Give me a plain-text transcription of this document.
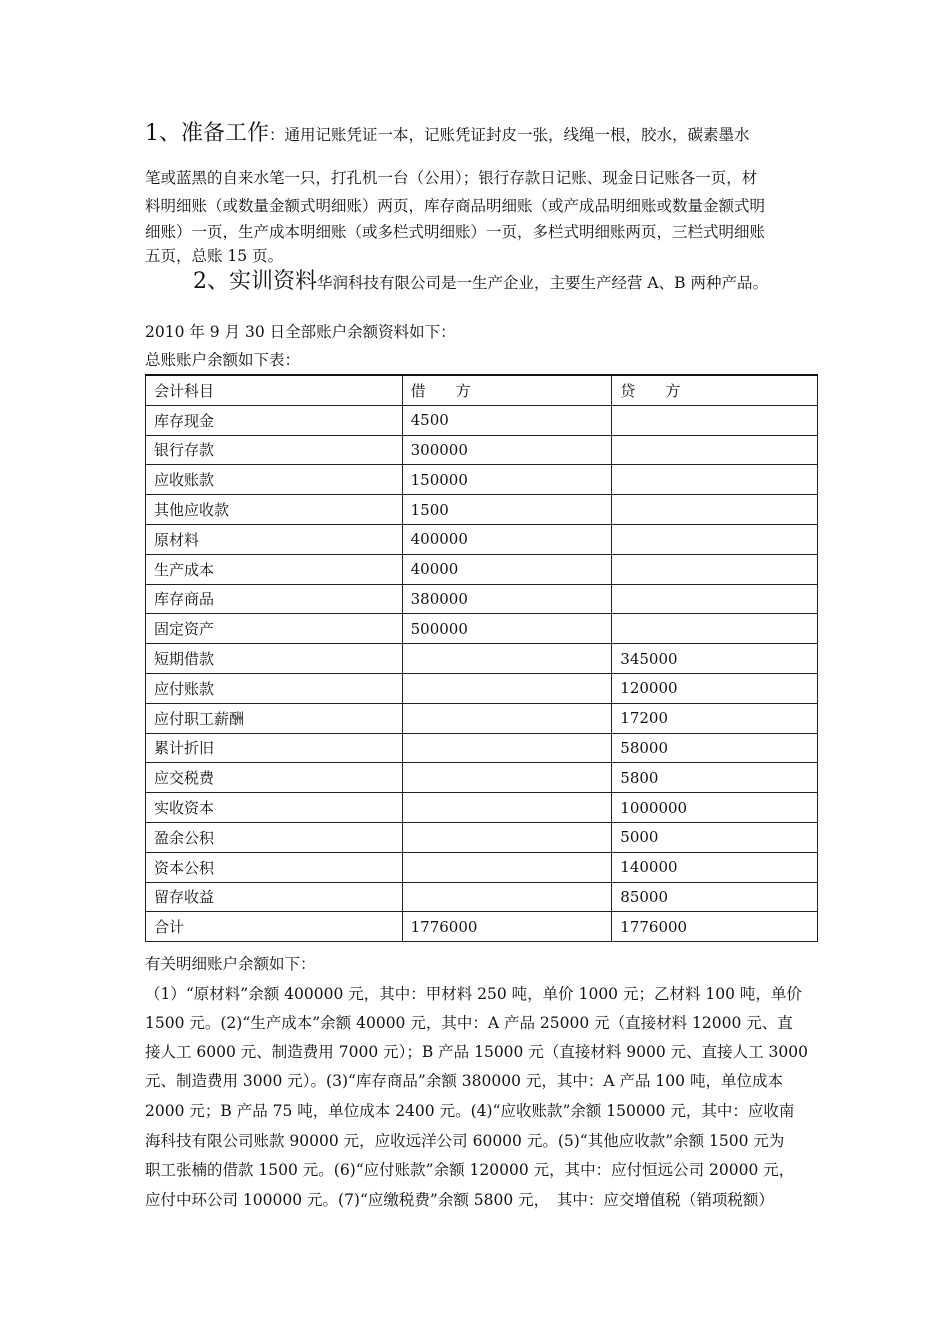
1、准备工作：通用记账凭证一本，记账凭证封皮一张，线绳一根，胶水，碳素墨水
笔或蓝黑的自来水笔一只，打孔机一台（公用）；银行存款日记账、现金日记账各一页，材
料明细账（或数量金额式明细账）两页，库存商品明细账（或产成品明细账或数量金额式明
细账）一页，生产成本明细账（或多栏式明细账）一页，多栏式明细账两页，三栏式明细账
五页，总账 15 页。
2、实训资料华润科技有限公司是一生产企业，主要生产经营 A、B 两种产品。
2010 年 9 月 30 日全部账户余额资料如下：
总账账户余额如下表：
会计科目	借　　方	贷　　方
库存现金	4500	
银行存款	300000	
应收账款	150000	
其他应收款	1500	
原材料	400000	
生产成本	40000	
库存商品	380000	
固定资产	500000	
短期借款		345000
应付账款		120000
应付职工薪酬		17200
累计折旧		58000
应交税费		5800
实收资本		1000000
盈余公积		5000
资本公积		140000
留存收益		85000
合计	1776000	1776000
有关明细账户余额如下：
（1）“原材料”余额 400000 元，其中：甲材料 250 吨，单价 1000 元；乙材料 100 吨，单价
1500 元。(2)“生产成本”余额 40000 元，其中：A 产品 25000 元（直接材料 12000 元、直
接人工 6000 元、制造费用 7000 元）；B 产品 15000 元（直接材料 9000 元、直接人工 3000
元、制造费用 3000 元）。(3)“库存商品”余额 380000 元，其中：A 产品 100 吨，单位成本
2000 元；B 产品 75 吨，单位成本 2400 元。(4)“应收账款”余额 150000 元，其中：应收南
海科技有限公司账款 90000 元，应收远洋公司 60000 元。(5)“其他应收款”余额 1500 元为
职工张楠的借款 1500 元。(6)“应付账款”余额 120000 元，其中：应付恒远公司 20000 元，
应付中环公司 100000 元。(7)“应缴税费”余额 5800 元，　其中：应交增值税（销项税额）
